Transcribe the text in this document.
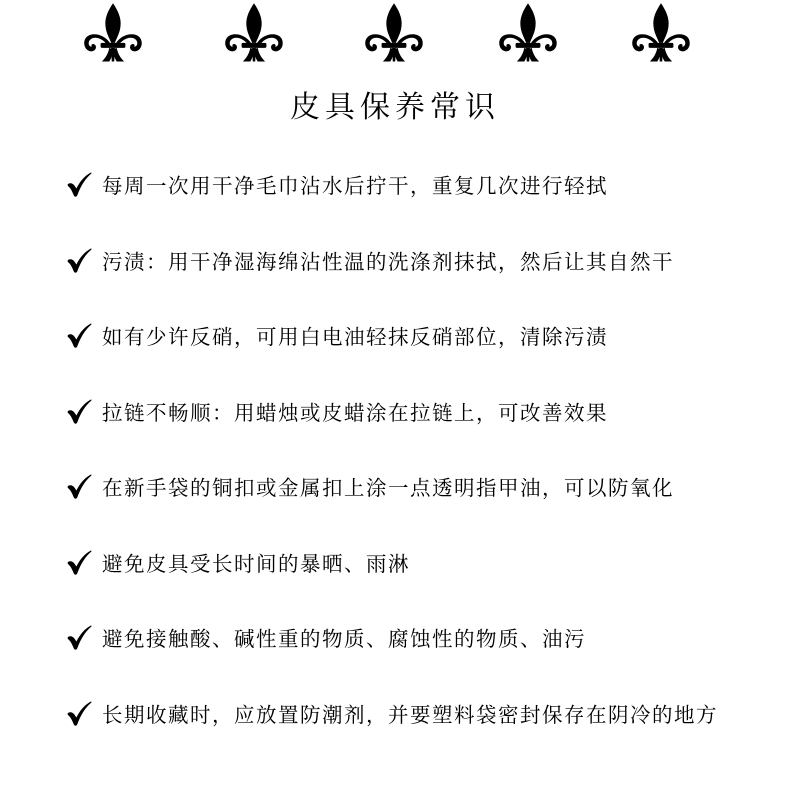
皮具保养常识
每周一次用干净毛巾沾水后拧干，重复几次进行轻拭
污渍：用干净湿海绵沾性温的洗涤剂抹拭，然后让其自然干
如有少许反硝，可用白电油轻抹反硝部位，清除污渍
拉链不畅顺：用蜡烛或皮蜡涂在拉链上，可改善效果
在新手袋的铜扣或金属扣上涂一点透明指甲油，可以防氧化
避免皮具受长时间的暴晒、雨淋
避免接触酸、碱性重的物质、腐蚀性的物质、油污
长期收藏时，应放置防潮剂，并要塑料袋密封保存在阴冷的地方
